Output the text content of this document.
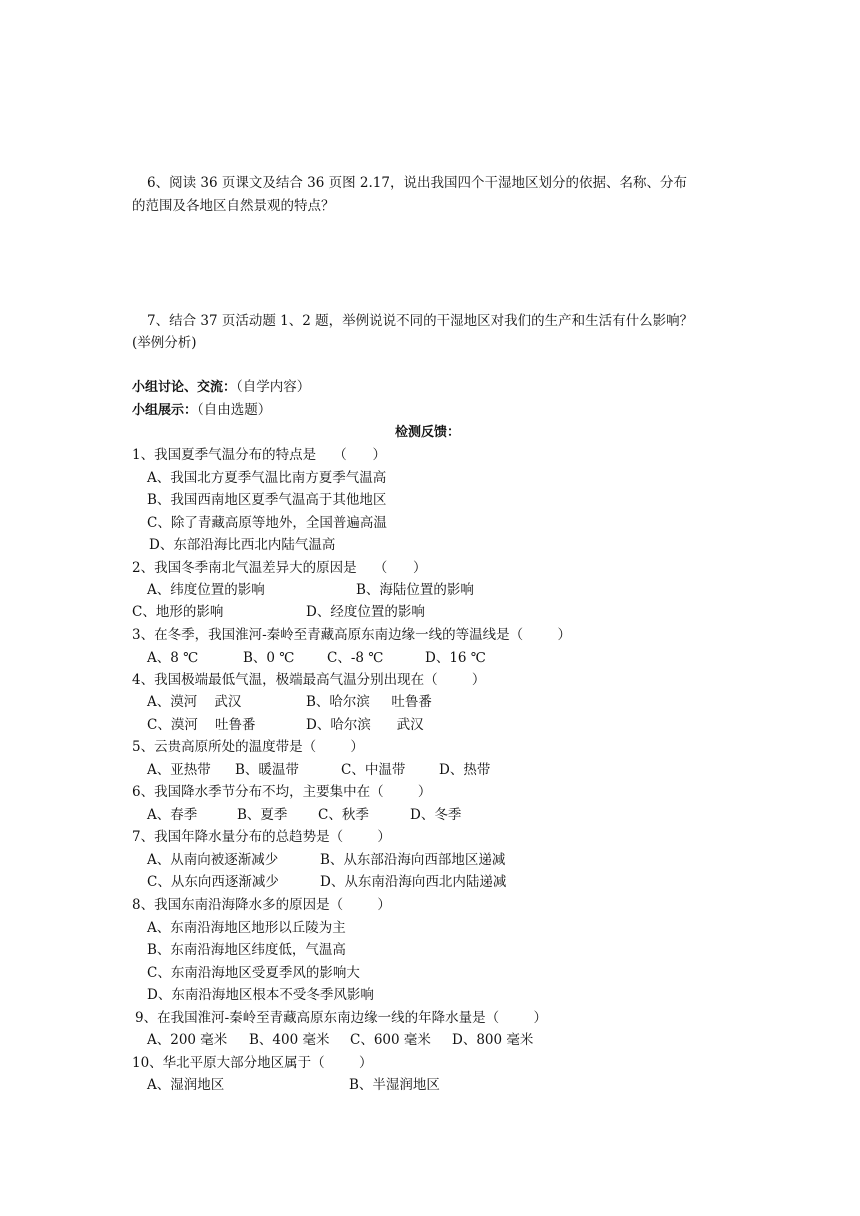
6、阅读 36 页课文及结合 36 页图 2.17，说出我国四个干湿地区划分的依据、名称、分布
的范围及各地区自然景观的特点？
7、结合 37 页活动题 1、2 题，举例说说不同的干湿地区对我们的生产和生活有什么影响？
(举例分析)
小组讨论、交流：（自学内容）
小组展示：（自由选题）
检测反馈：
1、我国夏季气温分布的特点是    （      ）
A、我国北方夏季气温比南方夏季气温高
B、我国西南地区夏季气温高于其他地区
C、除了青藏高原等地外，全国普遍高温
D、东部沿海比西北内陆气温高
2、我国冬季南北气温差异大的原因是    （      ）
A、纬度位置的影响	B、海陆位置的影响
C、地形的影响	D、经度位置的影响
3、在冬季，我国淮河-秦岭至青藏高原东南边缘一线的等温线是（        ）
A、8 ℃	B、0 ℃ C、-8 ℃	D、16 ℃
4、我国极端最低气温，极端最高气温分别出现在（        ）
A、漠河    武汉	B、哈尔滨     吐鲁番
C、漠河    吐鲁番	D、哈尔滨      武汉
5、云贵高原所处的温度带是（        ）
A、亚热带 B、暖温带	C、中温带 D、热带
6、我国降水季节分布不均，主要集中在（        ）
A、春季	B、夏季 C、秋季	D、冬季
7、我国年降水量分布的总趋势是（        ）
A、从南向被逐渐减少	B、从东部沿海向西部地区递减
C、从东向西逐渐减少	D、从东南沿海向西北内陆递减
8、我国东南沿海降水多的原因是（        ）
A、东南沿海地区地形以丘陵为主
B、东南沿海地区纬度低，气温高
C、东南沿海地区受夏季风的影响大
D、东南沿海地区根本不受冬季风影响
9、在我国淮河-秦岭至青藏高原东南边缘一线的年降水量是（        ）
A、200 毫米 B、400 毫米 C、600 毫米 D、800 毫米
10、华北平原大部分地区属于（        ）
A、湿润地区	B、半湿润地区
